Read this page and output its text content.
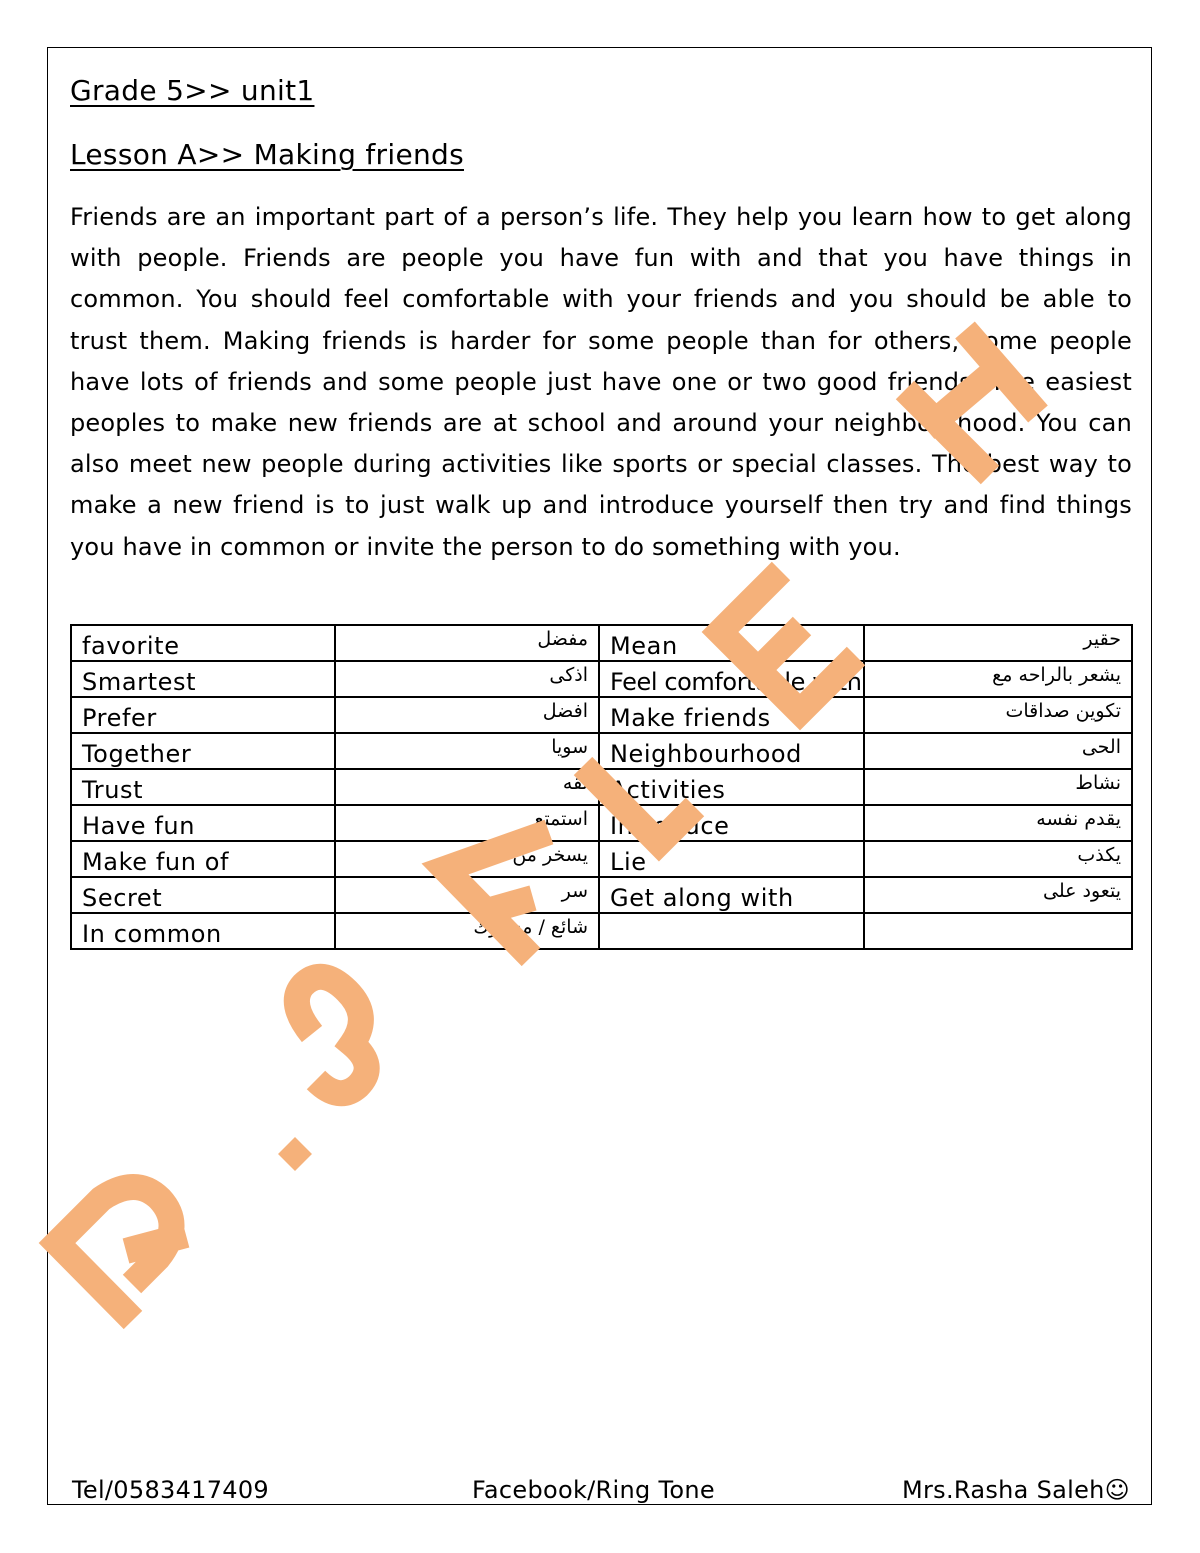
Grade 5>> unit1
Lesson A>> Making friends

Friends are an important part of a person’s life. They help you learn how to get along with people. Friends are people you have fun with and that you have things in common. You should feel comfortable with your friends and you should be able to trust them. Making friends is harder for some people than for others, some people have lots of friends and some people just have one or two good friends. The easiest peoples to make new friends are at school and around your neighbourhood. You can also meet new people during activities like sports or special classes. The best way to make a new friend is to just walk up and introduce yourself then try and find things you have in common or invite the person to do something with you.

favorite	مفضل	Mean	حقير
Smartest	اذكى	Feel comfortable with	يشعر بالراحه مع
Prefer	افضل	Make friends	تكوين صداقات
Together	سويا	Neighbourhood	الحى
Trust	ثقه	Activities	نشاط
Have fun	استمتع	Introduce	يقدم نفسه
Make fun of	يسخر من	Lie	يكذب
Secret	سر	Get along with	يتعود على
In common	شائع / مشترك		
Tel/0583417409	Facebook/Ring Tone	Mrs.Rasha Saleh☺
